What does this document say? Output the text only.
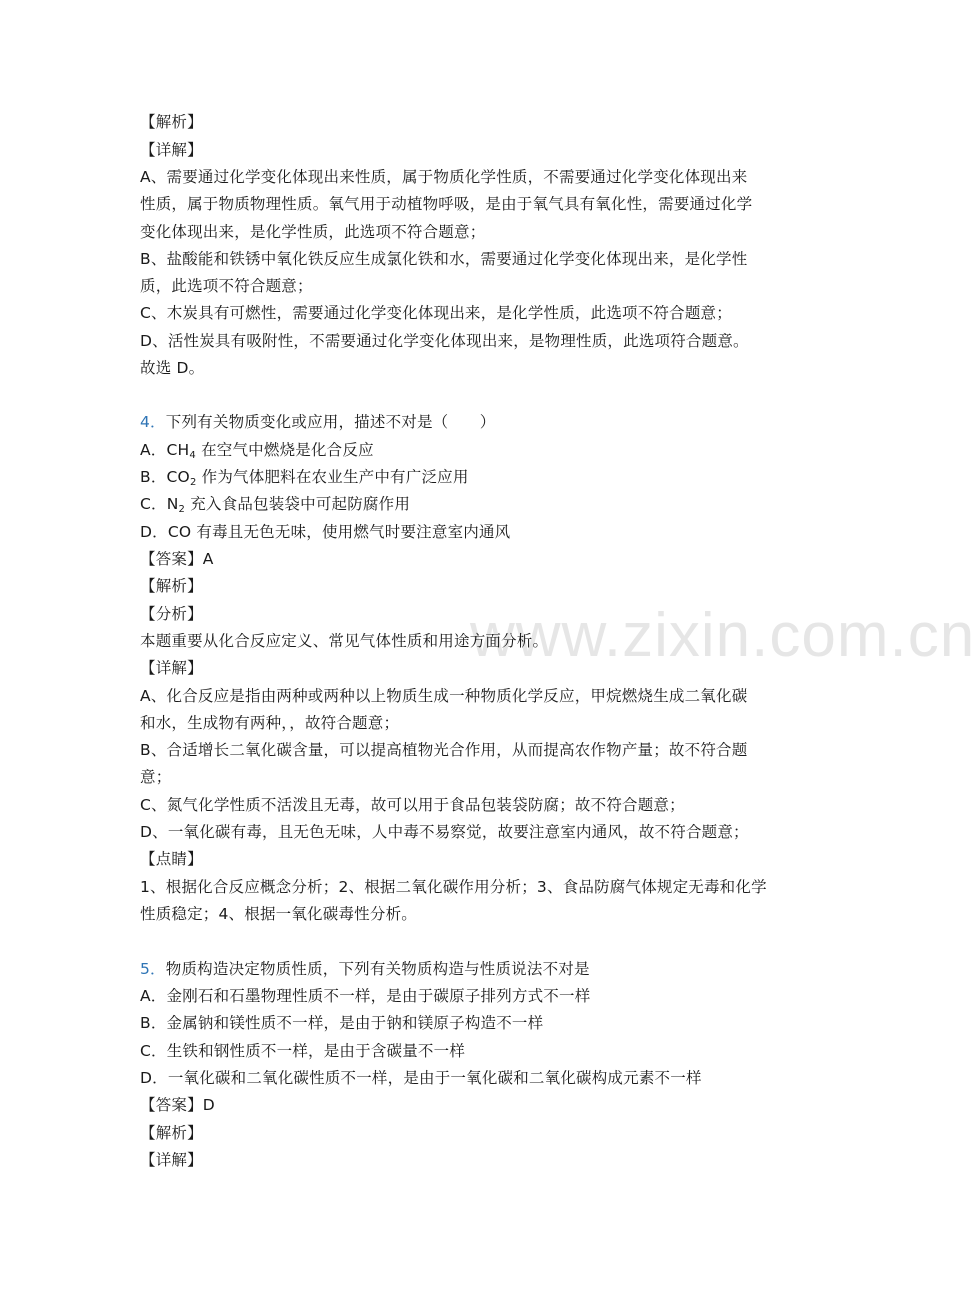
www.zixin.com.cn
【解析】
【详解】
A、需要通过化学变化体现出来性质，属于物质化学性质，不需要通过化学变化体现出来
性质，属于物质物理性质。氧气用于动植物呼吸，是由于氧气具有氧化性，需要通过化学
变化体现出来，是化学性质，此选项不符合题意；
B、盐酸能和铁锈中氧化铁反应生成氯化铁和水，需要通过化学变化体现出来，是化学性
质，此选项不符合题意；
C、木炭具有可燃性，需要通过化学变化体现出来，是化学性质，此选项不符合题意；
D、活性炭具有吸附性，不需要通过化学变化体现出来，是物理性质，此选项符合题意。
故选 D。
4．下列有关物质变化或应用，描述不对是（　　）
A．$CH_4$ 在空气中燃烧是化合反应
B．$CO_2$ 作为气体肥料在农业生产中有广泛应用
C．$N_2$ 充入食品包装袋中可起防腐作用
D．CO 有毒且无色无味，使用燃气时要注意室内通风
【答案】A
【解析】
【分析】
本题重要从化合反应定义、常见气体性质和用途方面分析。
【详解】
A、化合反应是指由两种或两种以上物质生成一种物质化学反应，甲烷燃烧生成二氧化碳
和水，生成物有两种，，故符合题意；
B、合适增长二氧化碳含量，可以提高植物光合作用，从而提高农作物产量；故不符合题
意；
C、氮气化学性质不活泼且无毒，故可以用于食品包装袋防腐；故不符合题意；
D、一氧化碳有毒，且无色无味，人中毒不易察觉，故要注意室内通风，故不符合题意；
【点睛】
1、根据化合反应概念分析；2、根据二氧化碳作用分析；3、食品防腐气体规定无毒和化学
性质稳定；4、根据一氧化碳毒性分析。
5．物质构造决定物质性质，下列有关物质构造与性质说法不对是
A．金刚石和石墨物理性质不一样，是由于碳原子排列方式不一样
B．金属钠和镁性质不一样，是由于钠和镁原子构造不一样
C．生铁和钢性质不一样，是由于含碳量不一样
D．一氧化碳和二氧化碳性质不一样，是由于一氧化碳和二氧化碳构成元素不一样
【答案】D
【解析】
【详解】
